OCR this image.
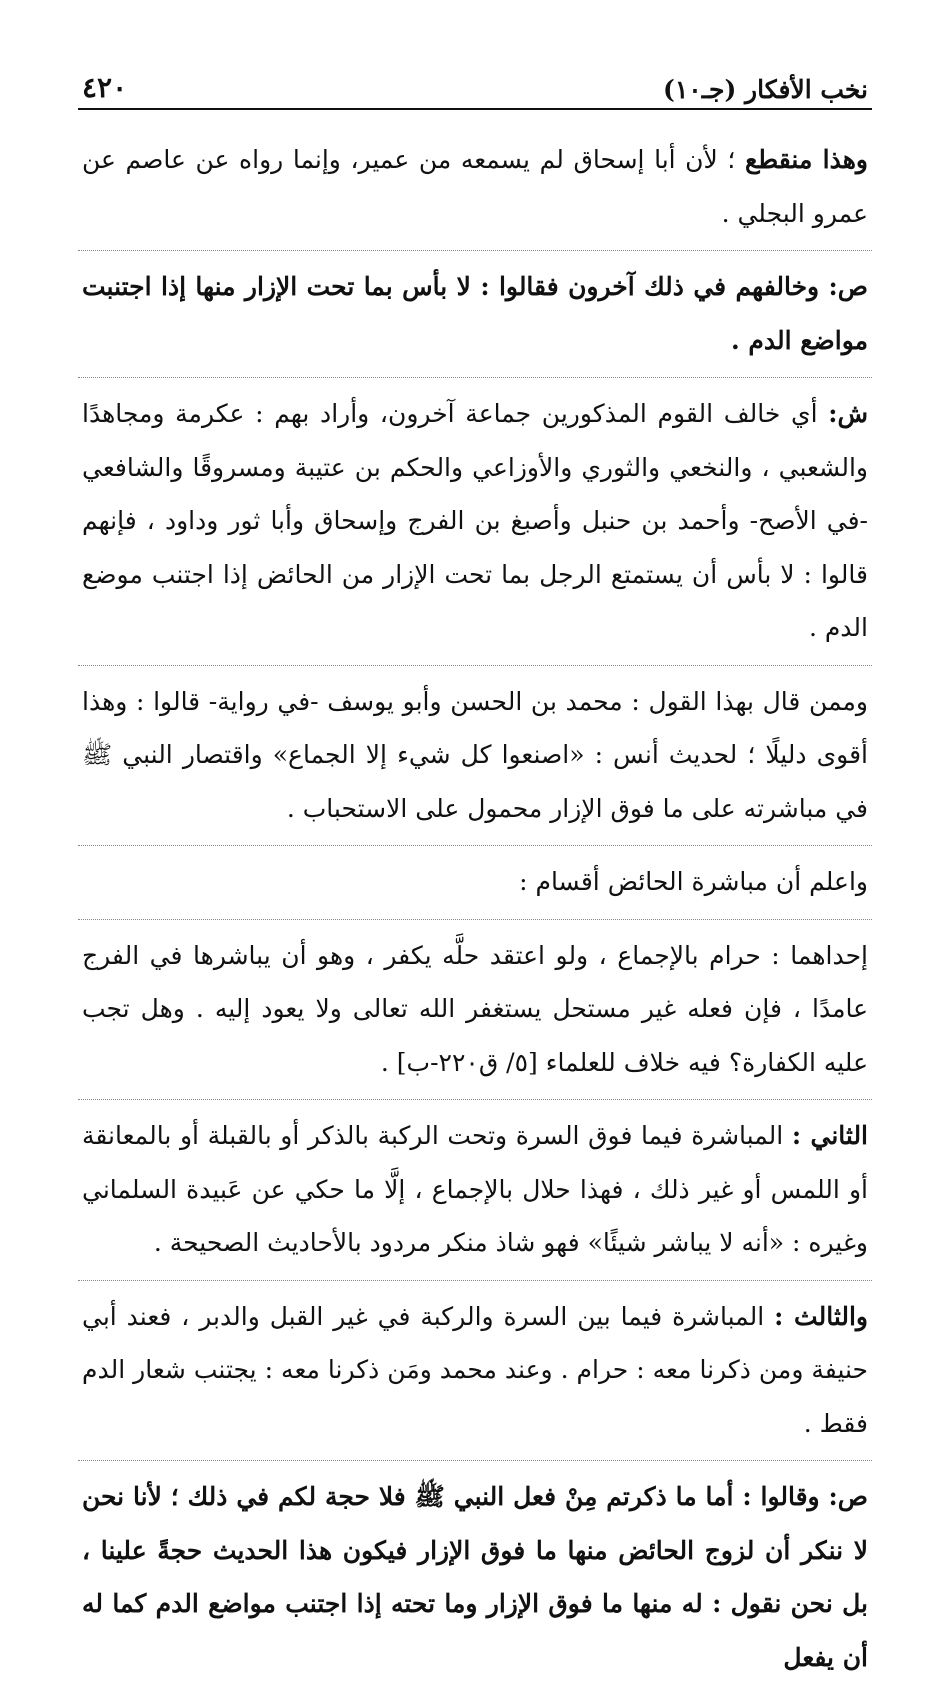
نخب الأفكار (جـ١٠)
٤٢٠

وهذا منقطع ؛ لأن أبا إسحاق لم يسمعه من عمير، وإنما رواه عن عاصم عن عمرو البجلي .

ص: وخالفهم في ذلك آخرون فقالوا : لا بأس بما تحت الإزار منها إذا اجتنبت مواضع الدم .

ش: أي خالف القوم المذكورين جماعة آخرون، وأراد بهم : عكرمة ومجاهدًا والشعبي ، والنخعي والثوري والأوزاعي والحكم بن عتيبة ومسروقًا والشافعي -في الأصح- وأحمد بن حنبل وأصبغ بن الفرج وإسحاق وأبا ثور وداود ، فإنهم قالوا : لا بأس أن يستمتع الرجل بما تحت الإزار من الحائض إذا اجتنب موضع الدم .

وممن قال بهذا القول : محمد بن الحسن وأبو يوسف -في رواية- قالوا : وهذا أقوى دليلًا ؛ لحديث أنس : «اصنعوا كل شيء إلا الجماع» واقتصار النبي ﷺ في مباشرته على ما فوق الإزار محمول على الاستحباب .

واعلم أن مباشرة الحائض أقسام :

إحداهما : حرام بالإجماع ، ولو اعتقد حلَّه يكفر ، وهو أن يباشرها في الفرج عامدًا ، فإن فعله غير مستحل يستغفر الله تعالى ولا يعود إليه . وهل تجب عليه الكفارة؟ فيه خلاف للعلماء [٥/ ق٢٢٠-ب] .

الثاني : المباشرة فيما فوق السرة وتحت الركبة بالذكر أو بالقبلة أو بالمعانقة أو اللمس أو غير ذلك ، فهذا حلال بالإجماع ، إلَّا ما حكي عن عَبيدة السلماني وغيره : «أنه لا يباشر شيئًا» فهو شاذ منكر مردود بالأحاديث الصحيحة .

والثالث : المباشرة فيما بين السرة والركبة في غير القبل والدبر ، فعند أبي حنيفة ومن ذكرنا معه : حرام . وعند محمد ومَن ذكرنا معه : يجتنب شعار الدم فقط .

ص: وقالوا : أما ما ذكرتم مِنْ فعل النبي ﷺ فلا حجة لكم في ذلك ؛ لأنا نحن لا ننكر أن لزوج الحائض منها ما فوق الإزار فيكون هذا الحديث حجةً علينا ، بل نحن نقول : له منها ما فوق الإزار وما تحته إذا اجتنب مواضع الدم كما له أن يفعل
